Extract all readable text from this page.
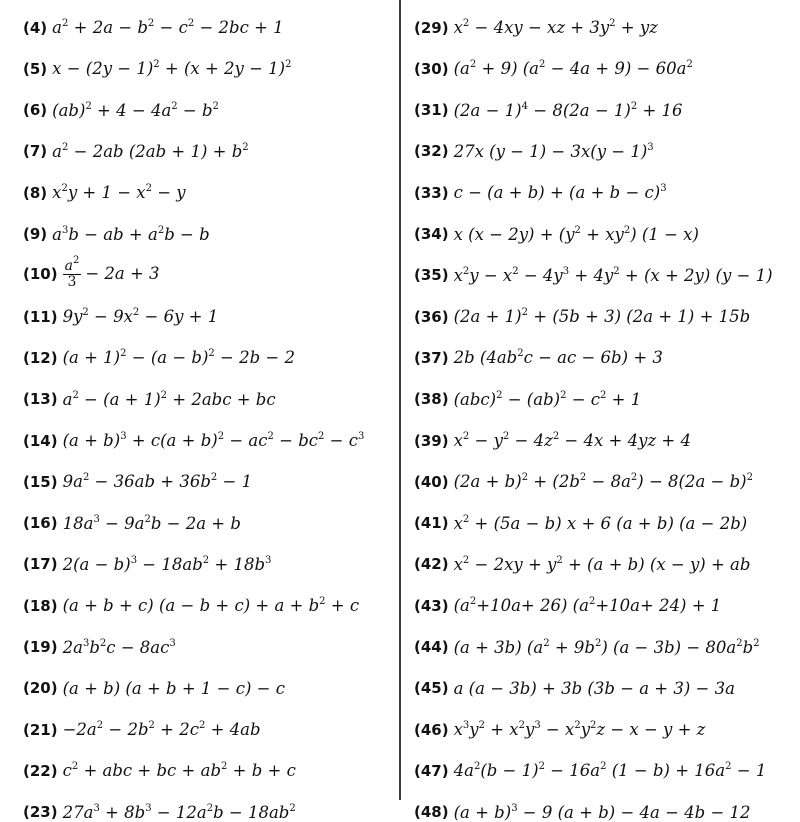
(4) $a^2 + 2a - b^2 - c^2 - 2bc + 1$
(5) $x - (2y - 1)^2 + (x + 2y - 1)^2$
(6) $(ab)^2 + 4 - 4a^2 - b^2$
(7) $a^2 - 2ab$ $(2ab + 1) + b^2$
(8) $x^2y + 1 - x^2 - y$
(9) $a^3b$ − ab + $a^2b - b$
$(10) \frac{a^2}{3} - 2a + 3$
(11) $9y^2 - 9x^2 - 6y + 1$
(12) $(a + 1)^2 - (a - b)^2 - 2b - 2$
(13) $a^2 - (a + 1)^2 + 2abc$ + bc
(14) $(a + b)^3 + c(a + b)^2 - ac^2 - bc^2 - c^3$
(15) $9a^2 - 36ab + 36b^2 - 1$
(16) $18a^3 - 9a^2b - 2a + b$
(17) $2(a - b)^3 - 18ab^2 + 18b^3$
(18) (a + b + c) $(a - b + c) + a + b^2 + c$
(19) $2a^3b^2c - 8ac^3$
(20) (a + b) (a + b + 1 − c) − c
$(21) -2a^2 - 2b^2 + 2c^2 + 4ab$
(22) $c^2$ + abc + bc + $ab^2 + b + c$
(23) $27a^3 + 8b^3 - 12a^2b - 18ab^2$
(29) $x^2 - 4xy$ − xz + $3y^2$ + yz
(30) $(a^2 + 9) (a^2 - 4a + 9) - 60a^2$
(31) $(2a - 1)^4 - 8(2a - 1)^2 + 16$
(32) 27x $(y - 1) - 3x(y - 1)^3$
(33) $c - (a + b) + (a + b - c)^3$
(34) x $(x - 2y) + (y^2 + xy^2) (1 - x)$
(35) $x^2y - x^2 - 4y^3 + 4y^2 + (x + 2y) (y - 1)$
(36) $(2a + 1)^2 + (5b + 3)$ (2a + 1) + 15b
(37) 2b ($4ab^2c$ − ac − 6b) + 3
(38) $(abc)^2 - (ab)^2 - c^2 + 1$
(39) $x^2 - y^2 - 4z^2 - 4x + 4yz + 4$
(40) $(2a + b)^2 + (2b^2 - 8a^2) - 8(2a - b)^2$
(41) $x^2 + (5a - b) x + 6$ (a + b) (a − 2b)
(42) $x^2 - 2xy + y^2 + (a + b) (x - y)$ + ab
(43) $(a^2+10a+ 26)$ $(a^2+10a+ 24) + 1$
(44) (a + 3b) $(a^2 + 9b^2) (a - 3b) - 80a^2b^2$
(45) a (a − 3b) + 3b (3b − a + 3) − 3a
(46) $x^3y^2 + x^2y^3 - x^2y^2z - x - y + z$
(47) $4a^2(b - 1)^2 - 16a^2$ $(1 - b) + 16a^2 - 1$
(48) $(a + b)^3 - 9$ (a + b) − 4a − 4b − 12
